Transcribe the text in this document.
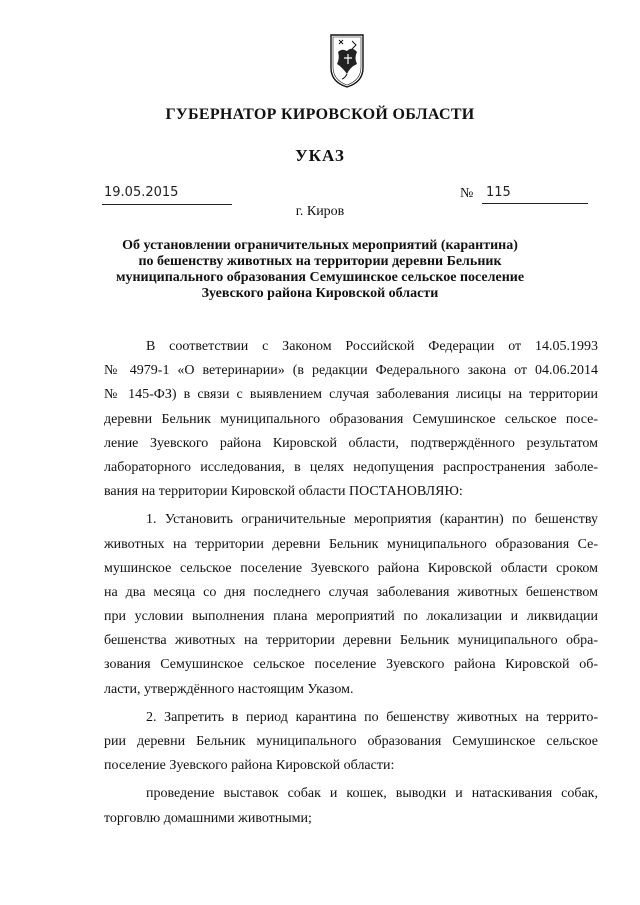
ГУБЕРНАТОР КИРОВСКОЙ ОБЛАСТИ
УКАЗ
19.05.2015	№ 115
г. Киров
Об установлении ограничительных мероприятий (карантина)
по бешенству животных на территории деревни Бельник
муниципального образования Семушинское сельское поселение
Зуевского района Кировской области
В соответствии с Законом Российской Федерации от 14.05.1993
№ 4979-1 «О ветеринарии» (в редакции Федерального закона от 04.06.2014
№ 145-ФЗ) в связи с выявлением случая заболевания лисицы на территории
деревни Бельник муниципального образования Семушинское сельское посе-
ление Зуевского района Кировской области, подтверждённого результатом
лабораторного исследования, в целях недопущения распространения заболе-
вания на территории Кировской области ПОСТАНОВЛЯЮ:
1. Установить ограничительные мероприятия (карантин) по бешенству
животных на территории деревни Бельник муниципального образования Се-
мушинское сельское поселение Зуевского района Кировской области сроком
на два месяца со дня последнего случая заболевания животных бешенством
при условии выполнения плана мероприятий по локализации и ликвидации
бешенства животных на территории деревни Бельник муниципального обра-
зования Семушинское сельское поселение Зуевского района Кировской об-
ласти, утверждённого настоящим Указом.
2. Запретить в период карантина по бешенству животных на террито-
рии деревни Бельник муниципального образования Семушинское сельское
поселение Зуевского района Кировской области:
проведение выставок собак и кошек, выводки и натаскивания собак,
торговлю домашними животными;
